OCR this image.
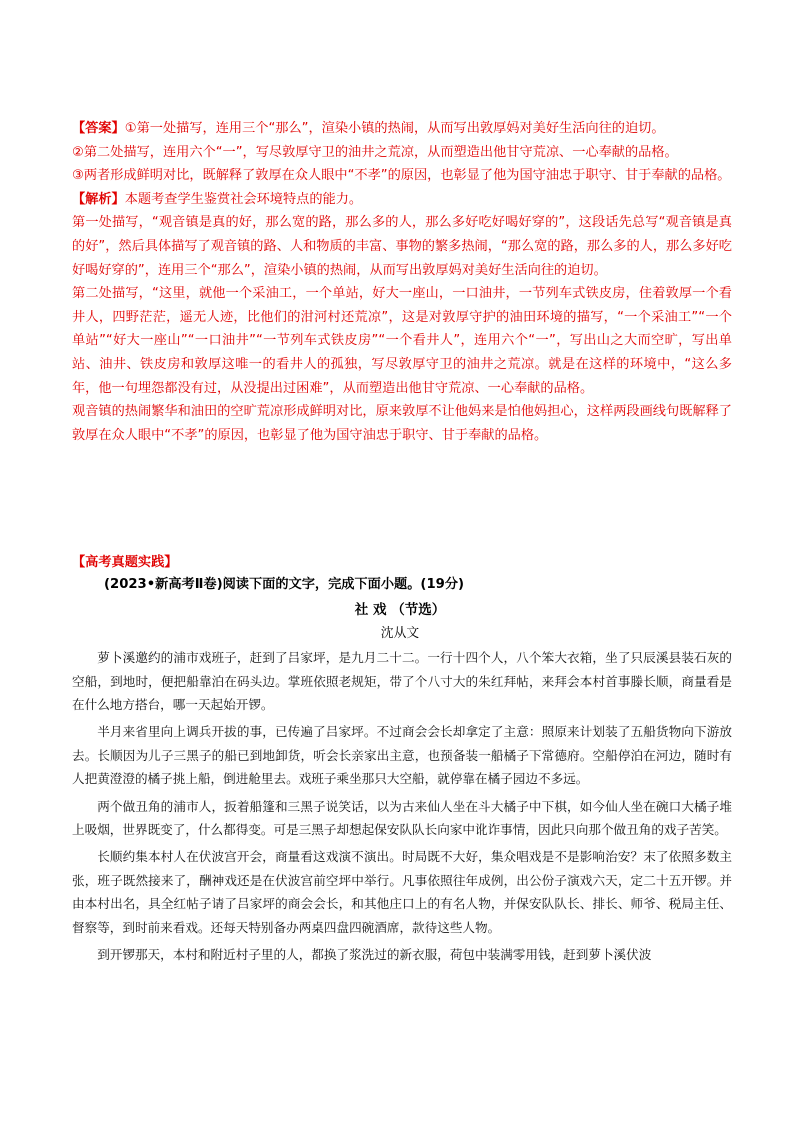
【答案】①第一处描写，连用三个“那么”，渲染小镇的热闹，从而写出敦厚妈对美好生活向往的迫切。

②第二处描写，连用六个“一”，写尽敦厚守卫的油井之荒凉，从而塑造出他甘守荒凉、一心奉献的品格。

③两者形成鲜明对比，既解释了敦厚在众人眼中“不孝”的原因，也彰显了他为国守油忠于职守、甘于奉献的品格。

【解析】本题考查学生鉴赏社会环境特点的能力。

第一处描写，“观音镇是真的好，那么宽的路，那么多的人，那么多好吃好喝好穿的”，这段话先总写“观音镇是真的好”，然后具体描写了观音镇的路、人和物质的丰富、事物的繁多热闹，“那么宽的路，那么多的人，那么多好吃好喝好穿的”，连用三个“那么”，渲染小镇的热闹，从而写出敦厚妈对美好生活向往的迫切。

第二处描写，“这里，就他一个采油工，一个单站，好大一座山，一口油井，一节列车式铁皮房，住着敦厚一个看井人，四野茫茫，遥无人迹，比他们的泔河村还荒凉”，这是对敦厚守护的油田环境的描写，“一个采油工”“一个单站”“好大一座山”“一口油井”“一节列车式铁皮房”“一个看井人”，连用六个“一”，写出山之大而空旷，写出单站、油井、铁皮房和敦厚这唯一的看井人的孤独，写尽敦厚守卫的油井之荒凉。就是在这样的环境中，“这么多年，他一句埋怨都没有过，从没提出过困难”，从而塑造出他甘守荒凉、一心奉献的品格。

观音镇的热闹繁华和油田的空旷荒凉形成鲜明对比，原来敦厚不让他妈来是怕他妈担心，这样两段画线句既解释了敦厚在众人眼中“不孝”的原因，也彰显了他为国守油忠于职守、甘于奉献的品格。

【高考真题实践】
(2023•新高考Ⅱ卷)阅读下面的文字，完成下面小题。(19分)
社 戏 （节选）
沈从文

萝卜溪邀约的浦市戏班子，赶到了吕家坪，是九月二十二。一行十四个人，八个笨大衣箱，坐了只辰溪县装石灰的空船，到地时，便把船靠泊在码头边。掌班依照老规矩，带了个八寸大的朱红拜帖，来拜会本村首事滕长顺，商量看是在什么地方搭台，哪一天起始开锣。

半月来省里向上调兵开拔的事，已传遍了吕家坪。不过商会会长却拿定了主意：照原来计划装了五船货物向下游放去。长顺因为儿子三黑子的船已到地卸货，听会长亲家出主意，也预备装一船橘子下常德府。空船停泊在河边，随时有人把黄澄澄的橘子挑上船，倒进舱里去。戏班子乘坐那只大空船，就停靠在橘子园边不多远。

两个做丑角的浦市人，扳着船篷和三黑子说笑话，以为古来仙人坐在斗大橘子中下棋，如今仙人坐在碗口大橘子堆上吸烟，世界既变了，什么都得变。可是三黑子却想起保安队队长向家中讹诈事情，因此只向那个做丑角的戏子苦笑。

长顺约集本村人在伏波宫开会，商量看这戏演不演出。时局既不大好，集众唱戏是不是影响治安？末了依照多数主张，班子既然接来了，酬神戏还是在伏波宫前空坪中举行。凡事依照往年成例，出公份子演戏六天，定二十五开锣。并由本村出名，具全红帖子请了吕家坪的商会会长，和其他庄口上的有名人物，并保安队队长、排长、师爷、税局主任、督察等，到时前来看戏。还每天特别备办两桌四盘四碗酒席，款待这些人物。

到开锣那天，本村和附近村子里的人，都换了浆洗过的新衣服，荷包中装满零用钱，赶到萝卜溪伏波
